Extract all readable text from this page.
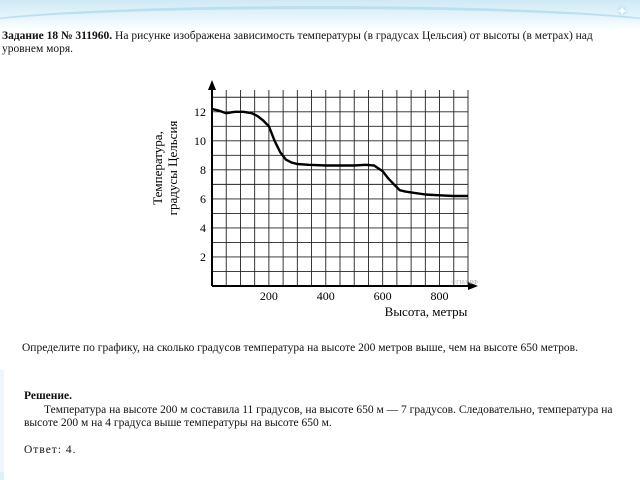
✦
Задание 18 № 311960. На рисунке изображена зависимость температуры (в градусах Цельсия) от высоты (в метрах) над уровнем моря.
200	400	600	800
2
4
6
8
10
12
Температура,градусы Цельсия
Высота, метры
©ГИА.РФ
Определите по графику, на сколько градусов температура на высоте 200 метров выше, чем на высоте 650 метров.
Решение.
Температура на высоте 200 м составила 11 градусов, на высоте 650 м — 7 градусов. Следовательно, температура на высоте 200 м на 4 градуса выше температуры на высоте 650 м.
Ответ: 4.
